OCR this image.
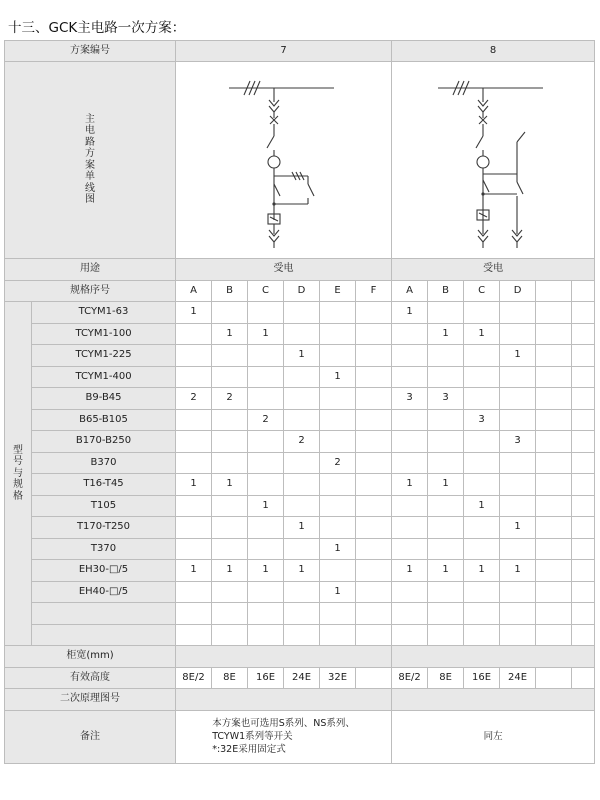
十三、GCK主电路一次方案：
方案编号		7						8					
主电路方案单线图	

用途		受电						受电					
规格序号		A	B	C	D	E	F	A	B	C	D		
型号与规格	TCYM1-63	1						1					
	TCYM1-100		1	1					1	1			
	TCYM1-225				1						1		
	TCYM1-400					1							
	B9-B45	2	2					3	3				
	B65-B105			2						3			
	B170-B250				2						3		
	B370					2							
	T16-T45	1	1					1	1				
	T105			1						1			
	T170-T250				1						1		
	T370					1							
	EH30-□/5	1	1	1	1			1	1	1	1		
	EH40-□/5					1							

柜宽(mm)													
有效高度		8E/2	8E	16E	24E	32E		8E/2	8E	16E	24E		
二次原理图号													
备注		本方案也可选用S系列、NS系列、
TCYW1系列等开关
*:32E采用固定式						同左					
